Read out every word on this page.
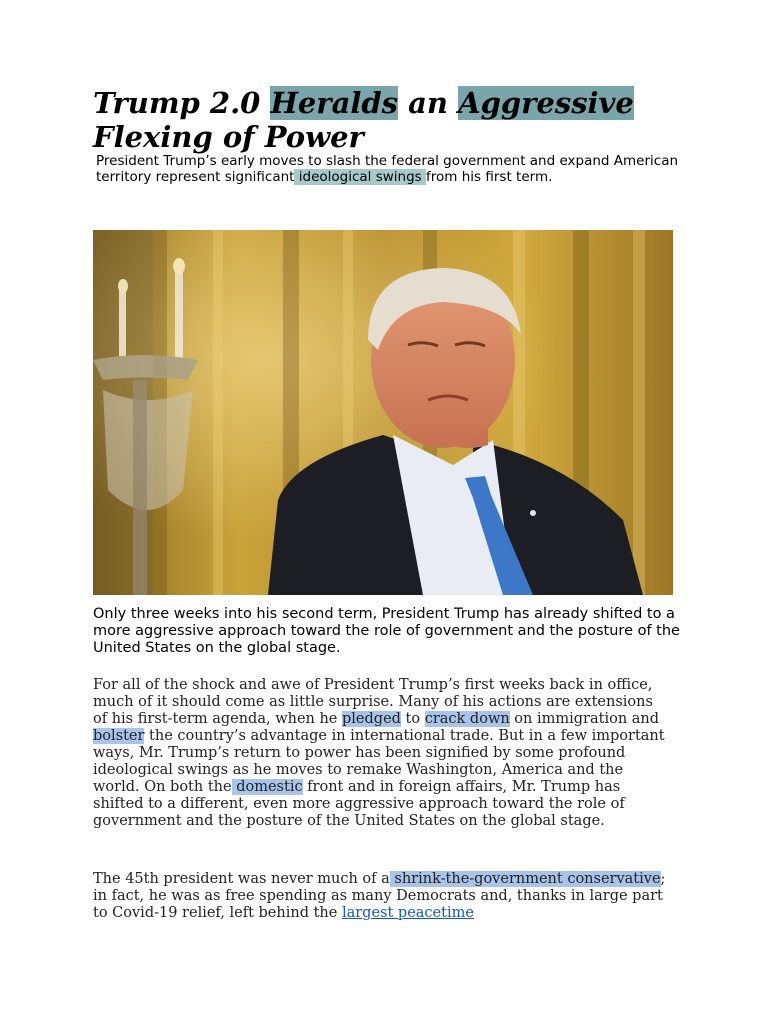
Trump 2.0 Heralds an Aggressive
Flexing of Power

President Trump’s early moves to slash the federal government and expand American territory represent significant ideological swings from his first term.

Only three weeks into his second term, President Trump has already shifted to a more aggressive approach toward the role of government and the posture of the United States on the global stage.

For all of the shock and awe of President Trump’s first weeks back in office, much of it should come as little surprise. Many of his actions are extensions of his first-term agenda, when he pledged to crack down on immigration and bolster the country’s advantage in international trade. But in a few important ways, Mr. Trump’s return to power has been signified by some profound ideological swings as he moves to remake Washington, America and the world. On both the domestic front and in foreign affairs, Mr. Trump has shifted to a different, even more aggressive approach toward the role of government and the posture of the United States on the global stage.

The 45th president was never much of a shrink-the-government conservative; in fact, he was as free spending as many Democrats and, thanks in large part to Covid-19 relief, left behind the largest peacetime
